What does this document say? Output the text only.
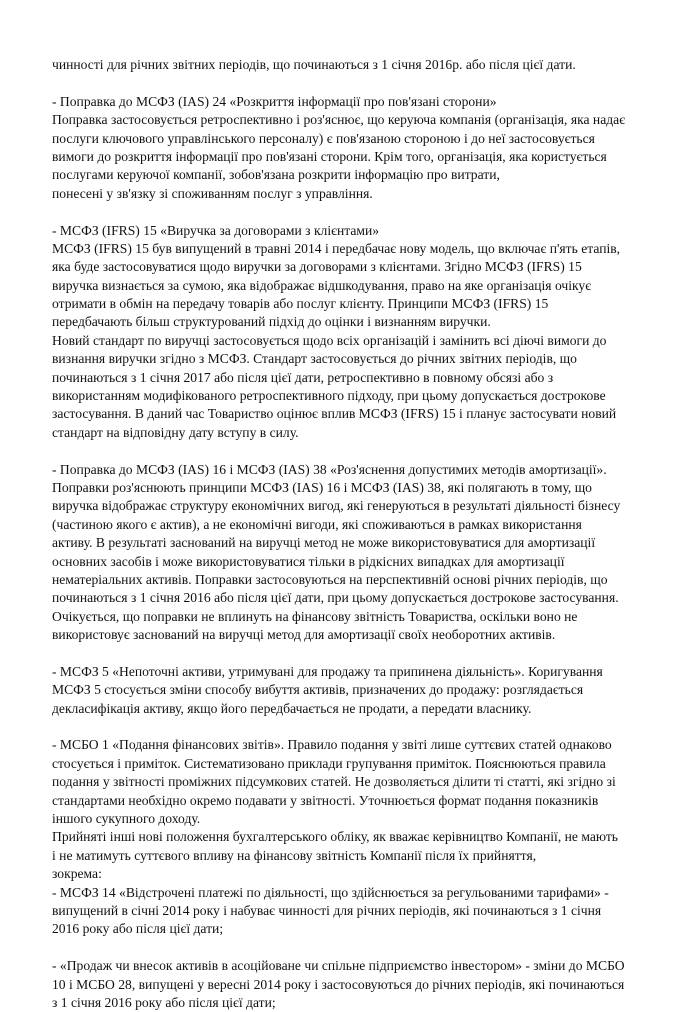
чинності для річних звітних періодів, що починаються з 1 січня 2016р. або після цієї дати.
- Поправка до МСФЗ (IAS) 24 «Розкриття інформації про пов'язані сторони»
Поправка застосовується ретроспективно і роз'яснює, що керуюча компанія (організація, яка надає
послуги ключового управлінського персоналу) є пов'язаною стороною і до неї застосовується
вимоги до розкриття інформації про пов'язані сторони. Крім того, організація, яка користується
послугами керуючої компанії, зобов'язана розкрити інформацію про витрати,
понесені у зв'язку зі споживанням послуг з управління.
- МСФЗ (IFRS) 15 «Виручка за договорами з клієнтами»
МСФЗ (IFRS) 15 був випущений в травні 2014 і передбачає нову модель, що включає п'ять етапів,
яка буде застосовуватися щодо виручки за договорами з клієнтами. Згідно МСФЗ (IFRS) 15
виручка визнається за сумою, яка відображає відшкодування, право на яке організація очікує
отримати в обмін на передачу товарів або послуг клієнту. Принципи МСФЗ (IFRS) 15
передбачають більш структурований підхід до оцінки і визнанням виручки.
Новий стандарт по виручці застосовується щодо всіх організацій і замінить всі діючі вимоги до
визнання виручки згідно з МСФЗ. Стандарт застосовується до річних звітних періодів, що
починаються з 1 січня 2017 або після цієї дати, ретроспективно в повному обсязі або з
використанням модифікованого ретроспективного підходу, при цьому допускається дострокове
застосування. В даний час Товариство оцінює вплив МСФЗ (IFRS) 15 і планує застосувати новий
стандарт на відповідну дату вступу в силу.
- Поправка до МСФЗ (IAS) 16 і МСФЗ (IAS) 38 «Роз'яснення допустимих методів амортизації».
Поправки роз'яснюють принципи МСФЗ (IAS) 16 і МСФЗ (IAS) 38, які полягають в тому, що
виручка відображає структуру економічних вигод, які генеруються в результаті діяльності бізнесу
(частиною якого є актив), а не економічні вигоди, які споживаються в рамках використання
активу. В результаті заснований на виручці метод не може використовуватися для амортизації
основних засобів і може використовуватися тільки в рідкісних випадках для амортизації
нематеріальних активів. Поправки застосовуються на перспективній основі річних періодів, що
починаються з 1 січня 2016 або після цієї дати, при цьому допускається дострокове застосування.
Очікується, що поправки не вплинуть на фінансову звітність Товариства, оскільки воно не
використовує заснований на виручці метод для амортизації своїх необоротних активів.
- МСФЗ 5 «Непоточні активи, утримувані для продажу та припинена діяльність». Коригування
МСФЗ 5 стосується зміни способу вибуття активів, призначених до продажу: розглядається
декласифікація активу, якщо його передбачається не продати, а передати власнику.
- МСБО 1 «Подання фінансових звітів». Правило подання у звіті лише суттєвих статей однаково
стосується і приміток. Систематизовано приклади групування приміток. Пояснюються правила
подання у звітності проміжних підсумкових статей. Не дозволяється ділити ті статті, які згідно зі
стандартами необхідно окремо подавати у звітності. Уточнюється формат подання показників
іншого сукупного доходу.
Прийняті інші нові положення бухгалтерського обліку, як вважає керівництво Компанії, не мають
і не матимуть суттєвого впливу на фінансову звітність Компанії після їх прийняття,
зокрема:
- МСФЗ 14 «Відстрочені платежі по діяльності, що здійснюється за регульованими тарифами» -
випущений в січні 2014 року і набуває чинності для річних періодів, які починаються з 1 січня
2016 року або після цієї дати;
- «Продаж чи внесок активів в асоційоване чи спільне підприємство інвестором» - зміни до МСБО
10 і МСБО 28, випущені у вересні 2014 року і застосовуються до річних періодів, які починаються
з 1 січня 2016 року або після цієї дати;
